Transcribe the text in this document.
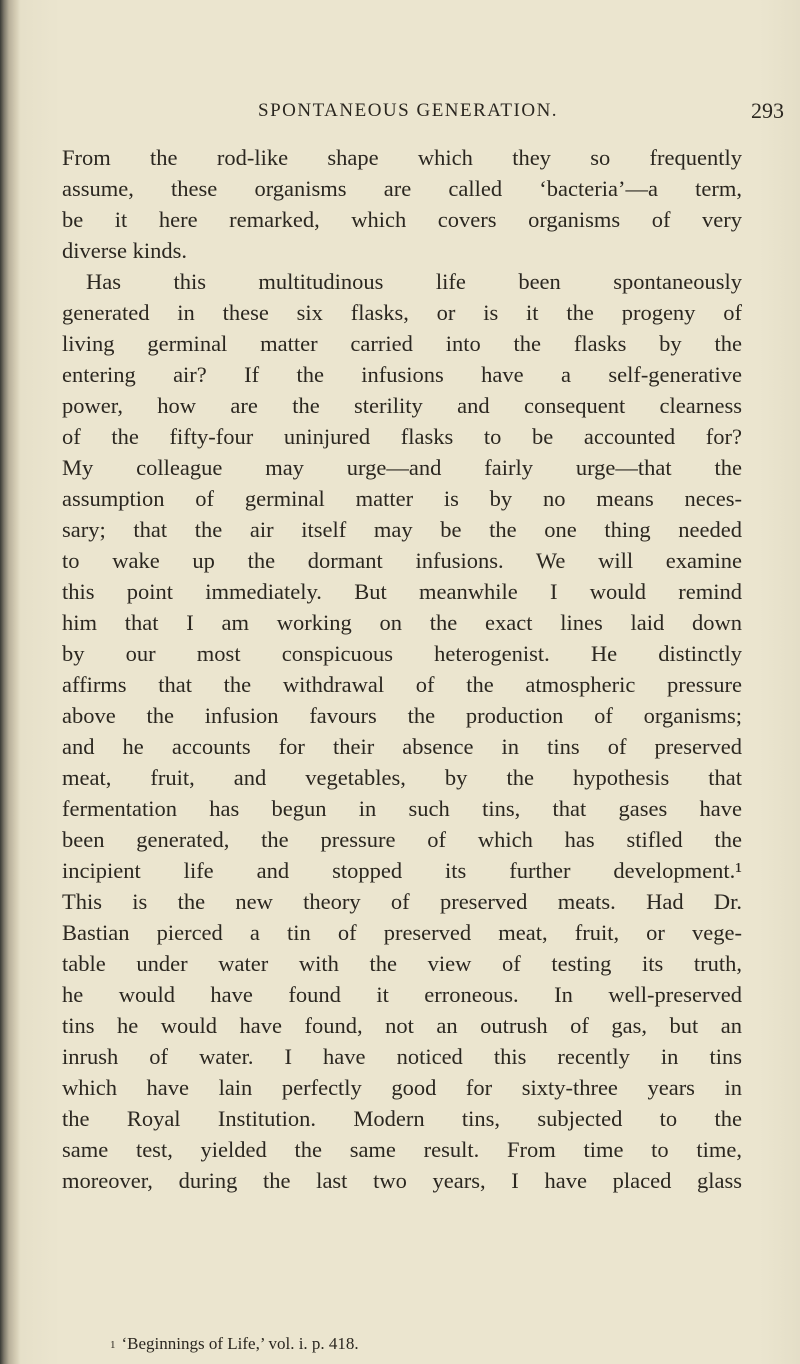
SPONTANEOUS GENERATION.	293
From the rod-like shape which they so frequently
assume, these organisms are called ‘bacteria’—a term,
be it here remarked, which covers organisms of very
diverse kinds.
Has this multitudinous life been spontaneously
generated in these six flasks, or is it the progeny of
living germinal matter carried into the flasks by the
entering air? If the infusions have a self-generative
power, how are the sterility and consequent clearness
of the fifty-four uninjured flasks to be accounted for?
My colleague may urge—and fairly urge—that the
assumption of germinal matter is by no means neces-
sary; that the air itself may be the one thing needed
to wake up the dormant infusions. We will examine
this point immediately. But meanwhile I would remind
him that I am working on the exact lines laid down
by our most conspicuous heterogenist. He distinctly
affirms that the withdrawal of the atmospheric pressure
above the infusion favours the production of organisms;
and he accounts for their absence in tins of preserved
meat, fruit, and vegetables, by the hypothesis that
fermentation has begun in such tins, that gases have
been generated, the pressure of which has stifled the
incipient life and stopped its further development.¹
This is the new theory of preserved meats. Had Dr.
Bastian pierced a tin of preserved meat, fruit, or vege-
table under water with the view of testing its truth,
he would have found it erroneous. In well-preserved
tins he would have found, not an outrush of gas, but an
inrush of water. I have noticed this recently in tins
which have lain perfectly good for sixty-three years in
the Royal Institution. Modern tins, subjected to the
same test, yielded the same result. From time to time,
moreover, during the last two years, I have placed glass
$^1$ ‘Beginnings of Life,’ vol. i. p. 418.
